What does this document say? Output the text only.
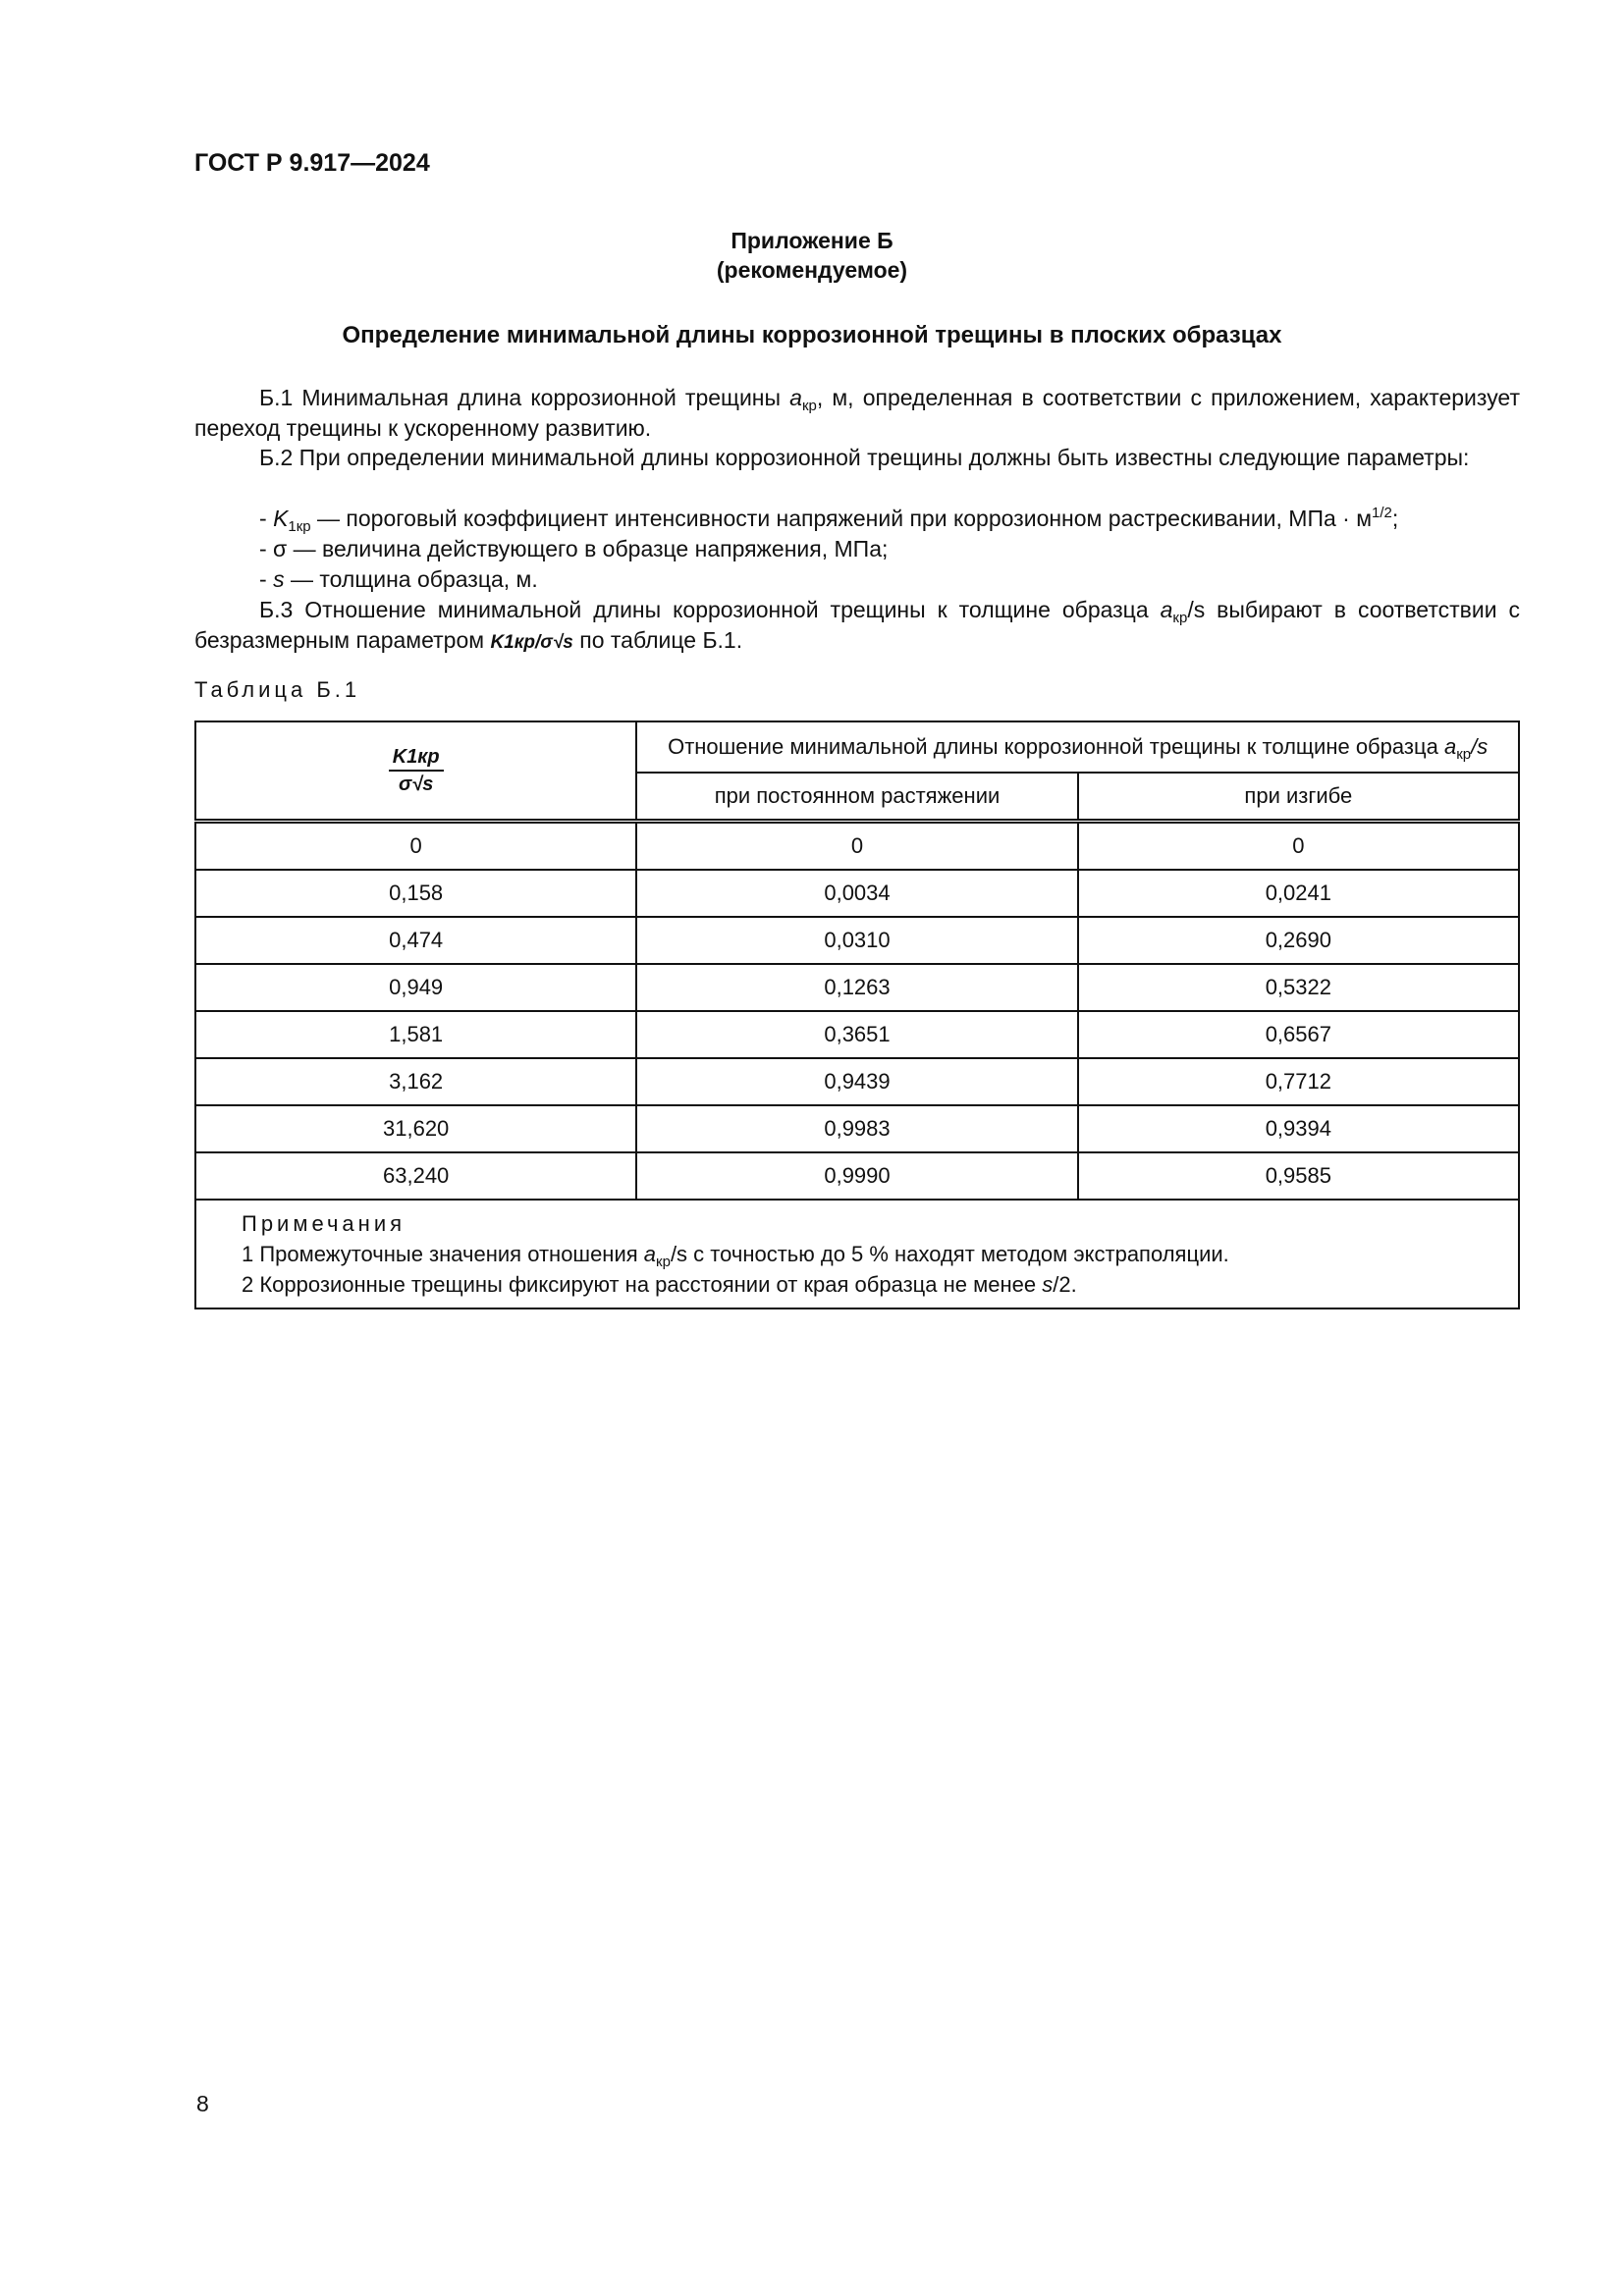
ГОСТ Р 9.917—2024
Приложение Б
(рекомендуемое)
Определение минимальной длины коррозионной трещины в плоских образцах
Б.1 Минимальная длина коррозионной трещины $a_{кр}$, м, определенная в соответствии с приложением, характеризует переход трещины к ускоренному развитию.
Б.2 При определении минимальной длины коррозионной трещины должны быть известны следующие параметры:
- $K_{1кр}$ — пороговый коэффициент интенсивности напряжений при коррозионном растрескивании, МПа · $м^{1/2}$;
- σ — величина действующего в образце напряжения, МПа;
- s — толщина образца, м.
Б.3 Отношение минимальной длины коррозионной трещины к толщине образца $a_{кр}/s$ выбирают в соответствии с безразмерным параметром K1кр/σ√s по таблице Б.1.
Таблица Б.1
K1кр
σ√s	Отношение минимальной длины коррозионной трещины к толщине образца $a_{кр}/s$	
	при постоянном растяжении	при изгибе
0	0	0
0,158	0,0034	0,0241
0,474	0,0310	0,2690
0,949	0,1263	0,5322
1,581	0,3651	0,6567
3,162	0,9439	0,7712
31,620	0,9983	0,9394
63,240	0,9990	0,9585

Примечания
1 Промежуточные значения отношения $a_{кр}/s$ с точностью до 5 % находят методом экстраполяции.
2 Коррозионные трещины фиксируют на расстоянии от края образца не менее s/2.		
8
